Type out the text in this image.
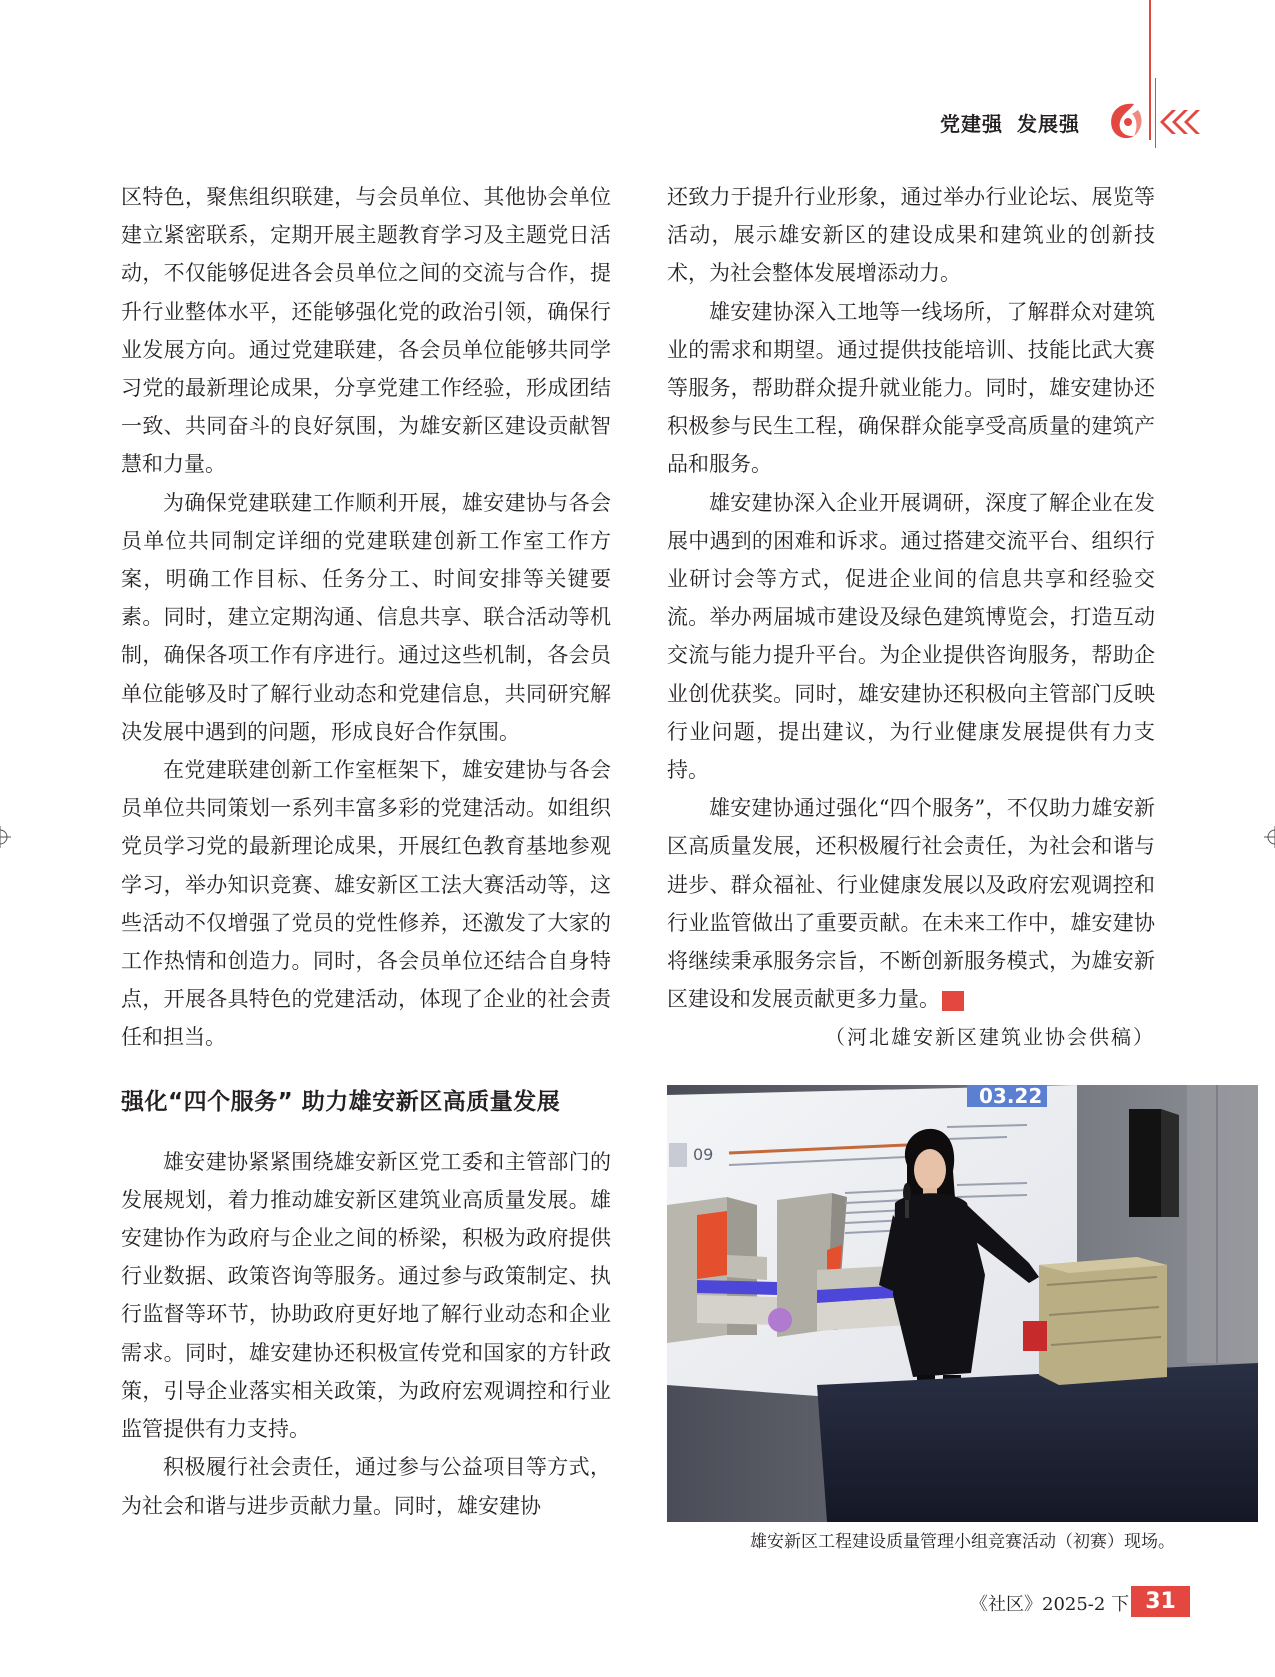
党建强 发展强

区特色，聚焦组织联建，与会员单位、其他协会单位建立紧密联系，定期开展主题教育学习及主题党日活动，不仅能够促进各会员单位之间的交流与合作，提升行业整体水平，还能够强化党的政治引领，确保行业发展方向。通过党建联建，各会员单位能够共同学习党的最新理论成果，分享党建工作经验，形成团结一致、共同奋斗的良好氛围，为雄安新区建设贡献智慧和力量。

为确保党建联建工作顺利开展，雄安建协与各会员单位共同制定详细的党建联建创新工作室工作方案，明确工作目标、任务分工、时间安排等关键要素。同时，建立定期沟通、信息共享、联合活动等机制，确保各项工作有序进行。通过这些机制，各会员单位能够及时了解行业动态和党建信息，共同研究解决发展中遇到的问题，形成良好合作氛围。

在党建联建创新工作室框架下，雄安建协与各会员单位共同策划一系列丰富多彩的党建活动。如组织党员学习党的最新理论成果，开展红色教育基地参观学习，举办知识竞赛、雄安新区工法大赛活动等，这些活动不仅增强了党员的党性修养，还激发了大家的工作热情和创造力。同时，各会员单位还结合自身特点，开展各具特色的党建活动，体现了企业的社会责任和担当。

强化“四个服务” 助力雄安新区高质量发展

雄安建协紧紧围绕雄安新区党工委和主管部门的发展规划，着力推动雄安新区建筑业高质量发展。雄安建协作为政府与企业之间的桥梁，积极为政府提供行业数据、政策咨询等服务。通过参与政策制定、执行监督等环节，协助政府更好地了解行业动态和企业需求。同时，雄安建协还积极宣传党和国家的方针政策，引导企业落实相关政策，为政府宏观调控和行业监管提供有力支持。

积极履行社会责任，通过参与公益项目等方式，为社会和谐与进步贡献力量。同时，雄安建协

还致力于提升行业形象，通过举办行业论坛、展览等活动，展示雄安新区的建设成果和建筑业的创新技术，为社会整体发展增添动力。

雄安建协深入工地等一线场所，了解群众对建筑业的需求和期望。通过提供技能培训、技能比武大赛等服务，帮助群众提升就业能力。同时，雄安建协还积极参与民生工程，确保群众能享受高质量的建筑产品和服务。

雄安建协深入企业开展调研，深度了解企业在发展中遇到的困难和诉求。通过搭建交流平台、组织行业研讨会等方式，促进企业间的信息共享和经验交流。举办两届城市建设及绿色建筑博览会，打造互动交流与能力提升平台。为企业提供咨询服务，帮助企业创优获奖。同时，雄安建协还积极向主管部门反映行业问题，提出建议，为行业健康发展提供有力支持。

雄安建协通过强化“四个服务”，不仅助力雄安新区高质量发展，还积极履行社会责任，为社会和谐与进步、群众福祉、行业健康发展以及政府宏观调控和行业监管做出了重要贡献。在未来工作中，雄安建协将继续秉承服务宗旨，不断创新服务模式，为雄安新区建设和发展贡献更多力量。	社区

（河北雄安新区建筑业协会供稿）

03.22
09
雄安新区工程建设质量管理小组竞赛活动（初赛）现场。
《社区》2025-2 下 31
